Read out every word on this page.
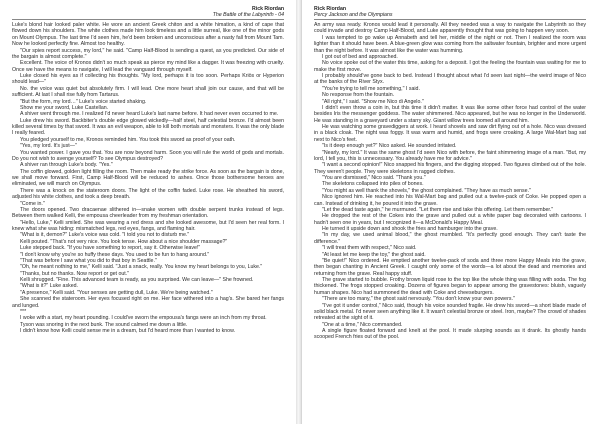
Rick Riordan
The Battle of the Labyrinth - 04

Luke's blond hair looked paler white. He wore an ancient Greek chiton and a white himation, a kind of cape that flowed down his shoulders. The white clothes made him look timeless and a little surreal, like one of the minor gods on Mount Olympus. The last time I'd seen him, he'd been broken and unconscious after a nasty fall from Mount Tam. Now he looked perfectly fine. Almost too healthy.

"Our spies report success, my lord," he said. "Camp Half-Blood is sending a quest, as you predicted. Our side of the bargain is almost complete."

Excellent. The voice of Kronos didn't so much speak as pierce my mind like a dagger. It was freezing with cruelty. Once we have the means to navigate, I will lead the vanguard through myself.

Luke closed his eyes as if collecting his thoughts. "My lord, perhaps it is too soon. Perhaps Kriös or Hyperion should lead—"

No. the voice was quiet but absolutely firm. I will lead. One more heart shall join our cause, and that will be sufficient. At last I shall rise fully from Tartarus.

"But the form, my lord…" Luke's voice started shaking.

Show me your sword, Luke Castellan.

A shiver went through me. I realized I'd never heard Luke's last name before. It had never even occurred to me.

Luke drew his sword. Backbiter's double edge glowed wickedly—half steel, half celestial bronze. I'd almost been killed several times by that sword. It was an evil weapon, able to kill both mortals and monsters. It was the only blade I really feared.

You pledged yourself to me, Kronos reminded him. You took this sword as proof of your oath.

"Yes, my lord. It's just—"

You wanted power. I gave you that. You are now beyond harm. Soon you will rule the world of gods and mortals. Do you not wish to avenge yourself? To see Olympus destroyed?

A shiver ran through Luke's body. "Yes."

The coffin glowed, golden light filling the room. Then make ready the strike force. As soon as the bargain is done, we shall move forward. First, Camp Half-Blood will be reduced to ashes. Once those bothersome heroes are eliminated, we will march on Olympus.

There was a knock on the stateroom doors. The light of the coffin faded. Luke rose. He sheathed his sword, adjusted his white clothes, and took a deep breath.

"Come in."

The doors opened. Two dracaenae slithered in—snake women with double serpent trunks instead of legs. Between them walked Kelli, the empousa cheerleader from my freshman orientation.

"Hello, Luke," Kelli smiled. She was wearing a red dress and she looked awesome, but I'd seen her real form. I knew what she was hiding: mismatched legs, red eyes, fangs, and flaming hair.

"What is it, demon?" Luke's voice was cold. "I told you not to disturb me."

Kelli pouted. "That's not very nice. You look tense. How about a nice shoulder massage?"

Luke stepped back. "If you have something to report, say it. Otherwise leave!"

"I don't know why you're so huffy these days. You used to be fun to hang around."

"That was before I saw what you did to that boy in Seattle."

"Oh, he meant nothing to me," Kelli said. "Just a snack, really. You know my heart belongs to you, Luke."

"Thanks, but no thanks. Now report or get out."

Kelli shrugged. "Fine. This advanced team is ready, as you surprised. We can leave—" She frowned.

"What is it?" Luke asked.

"A presence," Kelli said. "Your senses are getting dull, Luke. We're being watched."

She scanned the stateroom. Her eyes focused right on me. Her face withered into a hag's. She bared her fangs and lunged.

***

I woke with a start, my heart pounding. I could've sworn the empousa's fangs were an inch from my throat.

Tyson was snoring in the next bunk. The sound calmed me down a little.

I didn't know how Kelli could sense me in a dream, but I'd heard more than I wanted to know.

Rick Riordan
Percy Jackson and the Olympians

An army was ready. Kronos would lead it personally. All they needed was a way to navigate the Labyrinth so they could invade and destroy Camp Half-Blood, and Luke apparently thought that was going to happen very soon.

I was tempted to go wake up Annabeth and tell her, middle of the night or not. Then I realized the room was lighter than it should have been. A blue-green glow was coming from the saltwater fountain, brighter and more urgent than the night before. It was almost like the water was humming.

I got out of bed and approached.

No voice spoke out of the water this time, asking for a deposit. I got the feeling the fountain was waiting for me to make the first move.

I probably should've gone back to bed. Instead I thought about what I'd seen last night—the weird image of Nico at the banks of the River Styx.

"You're trying to tell me something," I said.

No response from the fountain.

"All right," I said. "Show me Nico di Angelo."

I didn't even throw a coin in, but this time it didn't matter. It was like some other force had control of the water besides Iris the messenger goddess. The water shimmered. Nico appeared, but he was no longer in the Underworld. He was standing in a graveyard under a starry sky. Giant willow trees loomed all around him.

He was watching some gravediggers at work. I heard shovels and saw dirt flying out of a hole. Nico was dressed in a black cloak. The night was foggy. It was warm and humid, and frogs were croaking. A large Wal-Mart bag sat next to Nico's feet.

"Is it deep enough yet?" Nico asked. He sounded irritated.

"Nearly, my lord." It was the same ghost I'd seen Nico with before, the faint shimmering image of a man. "But, my lord, I tell you, this is unnecessary. You already have me for advice."

"I want a second opinion!" Nico snapped his fingers, and the digging stopped. Two figures climbed out of the hole. They weren't people. They were skeletons in ragged clothes.

"You are dismissed," Nico said. "Thank you."

The skeletons collapsed into piles of bones.

"You might as well thank the shovels," the ghost complained. "They have as much sense."

Nico ignored him. He reached into his Wal-Mart bag and pulled out a twelve-pack of Coke. He popped open a can. Instead of drinking it, he poured it into the grave.

"Let the dead taste again," he murmured. "Let them rise and take this offering. Let them remember."

He dropped the rest of the Cokes into the grave and pulled out a white paper bag decorated with cartoons. I hadn't seen one in years, but I recognized it—a McDonald's Happy Meal.

He turned it upside down and shook the fries and hamburger into the grave.

"In my day, we used animal blood," the ghost mumbled. "It's perfectly good enough. They can't taste the difference."

"I will treat them with respect," Nico said.

"At least let me keep the toy," the ghost said.

"Be quiet!" Nico ordered. He emptied another twelve-pack of soda and three more Happy Meals into the grave, then began chanting in Ancient Greek. I caught only some of the words—a lot about the dead and memories and returning from the grave. Real happy stuff.

The grave started to bubble. Frothy brown liquid rose to the top like the whole thing was filling with soda. The fog thickened. The frogs stopped croaking. Dozens of figures began to appear among the gravestones: bluish, vaguely human shapes. Nico had summoned the dead with Coke and cheeseburgers.

"There are too many," the ghost said nervously. "You don't know your own powers."

"I've got it under control," Nico said, though his voice sounded fragile. He drew his sword—a short blade made of solid black metal. I'd never seen anything like it. It wasn't celestial bronze or steel. Iron, maybe? The crowd of shades retreated at the sight of it.

"One at a time," Nico commanded.

A single figure floated forward and knelt at the pool. It made slurping sounds as it drank. Its ghostly hands scooped French fries out of the pool.
